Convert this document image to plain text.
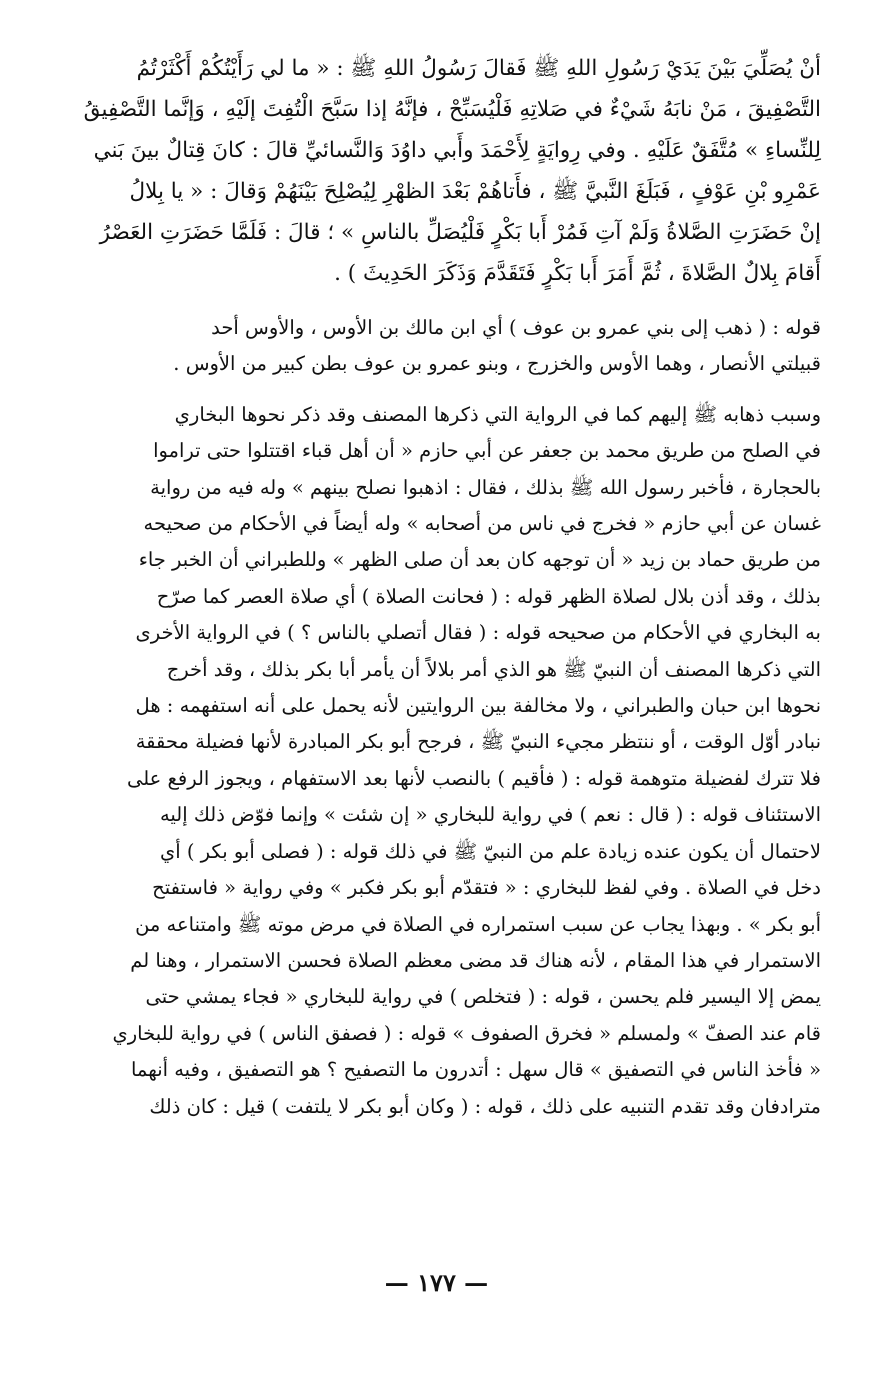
أنْ يُصَلِّيَ بَيْنَ يَدَيْ رَسُولِ اللهِ ﷺ فَقالَ رَسُولُ اللهِ ﷺ : « ما لي رَأَيْتُكُمْ أَكْثَرْتُمُ

التَّصْفِيقَ ، مَنْ نابَهُ شَيْءٌ في صَلاتِهِ فَلْيُسَبِّحْ ، فإنَّهُ إذا سَبَّحَ الْتُفِتَ إلَيْهِ ، وَإنَّما التَّصْفِيقُ

لِلنِّساءِ » مُتَّفَقٌ عَلَيْهِ . وفي رِوايَةٍ لِأَحْمَدَ وأَبي داوُدَ وَالنَّسائيِّ قالَ : كانَ قِتالٌ بينَ بَني

عَمْرِو بْنِ عَوْفٍ ، فَبَلَغَ النَّبيَّ ﷺ ، فأَتاهُمْ بَعْدَ الظهْرِ لِيُصْلِحَ بَيْنَهُمْ وَقالَ : « يا بِلالُ

إنْ حَضَرَتِ الصَّلاةُ وَلَمْ آتِ فَمُرْ أَبا بَكْرٍ فَلْيُصَلِّ بالناسِ » ؛ قالَ : فَلَمَّا حَضَرَتِ العَصْرُ

أَقامَ بِلالٌ الصَّلاةَ ، ثُمَّ أَمَرَ أَبا بَكْرٍ فَتَقَدَّمَ وَذَكَرَ الحَدِيثَ ) .

قوله : ( ذهب إلى بني عمرو بن عوف ) أي ابن مالك بن الأوس ، والأوس أحد

قبيلتي الأنصار ، وهما الأوس والخزرج ، وبنو عمرو بن عوف بطن كبير من الأوس .

وسبب ذهابه ﷺ إليهم كما في الرواية التي ذكرها المصنف وقد ذكر نحوها البخاري

في الصلح من طريق محمد بن جعفر عن أبي حازم « أن أهل قباء اقتتلوا حتى تراموا

بالحجارة ، فأخبر رسول الله ﷺ بذلك ، فقال : اذهبوا نصلح بينهم » وله فيه من رواية

غسان عن أبي حازم « فخرج في ناس من أصحابه » وله أيضاً في الأحكام من صحيحه

من طريق حماد بن زيد « أن توجهه كان بعد أن صلى الظهر » وللطبراني أن الخبر جاء

بذلك ، وقد أذن بلال لصلاة الظهر قوله : ( فحانت الصلاة ) أي صلاة العصر كما صرّح

به البخاري في الأحكام من صحيحه قوله : ( فقال أتصلي بالناس ؟ ) في الرواية الأخرى

التي ذكرها المصنف أن النبيّ ﷺ هو الذي أمر بلالاً أن يأمر أبا بكر بذلك ، وقد أخرج

نحوها ابن حبان والطبراني ، ولا مخالفة بين الروايتين لأنه يحمل على أنه استفهمه : هل

نبادر أوّل الوقت ، أو ننتظر مجيء النبيّ ﷺ ، فرجح أبو بكر المبادرة لأنها فضيلة محققة

فلا تترك لفضيلة متوهمة قوله : ( فأقيم ) بالنصب لأنها بعد الاستفهام ، ويجوز الرفع على

الاستئناف قوله : ( قال : نعم ) في رواية للبخاري « إن شئت » وإنما فوّض ذلك إليه

لاحتمال أن يكون عنده زيادة علم من النبيّ ﷺ في ذلك قوله : ( فصلى أبو بكر ) أي

دخل في الصلاة . وفي لفظ للبخاري : « فتقدّم أبو بكر فكبر » وفي رواية « فاستفتح

أبو بكر » . وبهذا يجاب عن سبب استمراره في الصلاة في مرض موته ﷺ وامتناعه من

الاستمرار في هذا المقام ، لأنه هناك قد مضى معظم الصلاة فحسن الاستمرار ، وهنا لم

يمض إلا اليسير فلم يحسن ، قوله : ( فتخلص ) في رواية للبخاري « فجاء يمشي حتى

قام عند الصفّ » ولمسلم « فخرق الصفوف » قوله : ( فصفق الناس ) في رواية للبخاري

« فأخذ الناس في التصفيق » قال سهل : أتدرون ما التصفيح ؟ هو التصفيق ، وفيه أنهما

مترادفان وقد تقدم التنبيه على ذلك ، قوله : ( وكان أبو بكر لا يلتفت ) قيل : كان ذلك

— ١٧٧ —
